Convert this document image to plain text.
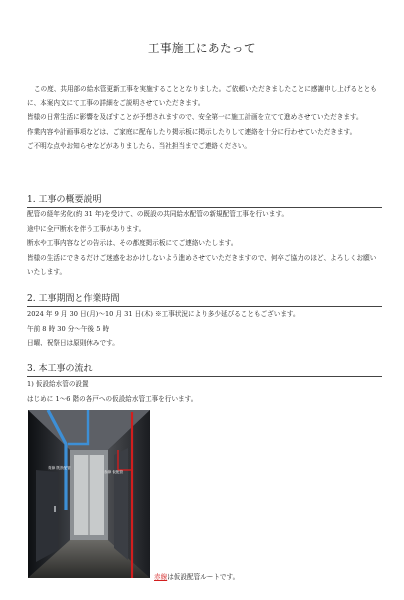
工事施工にあたって

この度、共用部の給水管更新工事を実施することとなりました。ご依頼いただきましたことに感謝申し上げるとともに、本案内文にて工事の詳細をご説明させていただきます。

皆様の日常生活に影響を及ぼすことが予想されますので、安全第一に施工計画を立てて進めさせていただきます。

作業内容や計画事項などは、ご家庭に配布したり掲示板に掲示したりして連絡を十分に行わせていただきます。

ご不明な点やお知らせなどがありましたら、当社担当までご連絡ください。

1. 工事の概要説明

配管の経年劣化(約 31 年)を受けて、の既設の共同給水配管の新規配管工事を行います。

途中に全戸断水を伴う工事があります。

断水や工事内容などの告示は、その都度掲示板にてご連絡いたします。

皆様の生活にできるだけご迷惑をおかけしないよう進めさせていただきますので、何卒ご協力のほど、よろしくお願いいたします。

2. 工事期間と作業時間

2024 年 9 月 30 日(月)～10 月 31 日(木) ※工事状況により多少延びることもございます。

午前 8 時 30 分～午後 5 時

日曜、祝祭日は原則休みです。

3. 本工事の流れ

1) 仮設給水管の設置

はじめに 1～6 階の各戸への仮設給水管工事を行います。

青線 既設配管
赤線 仮配管
赤線は仮設配管ルートです。
